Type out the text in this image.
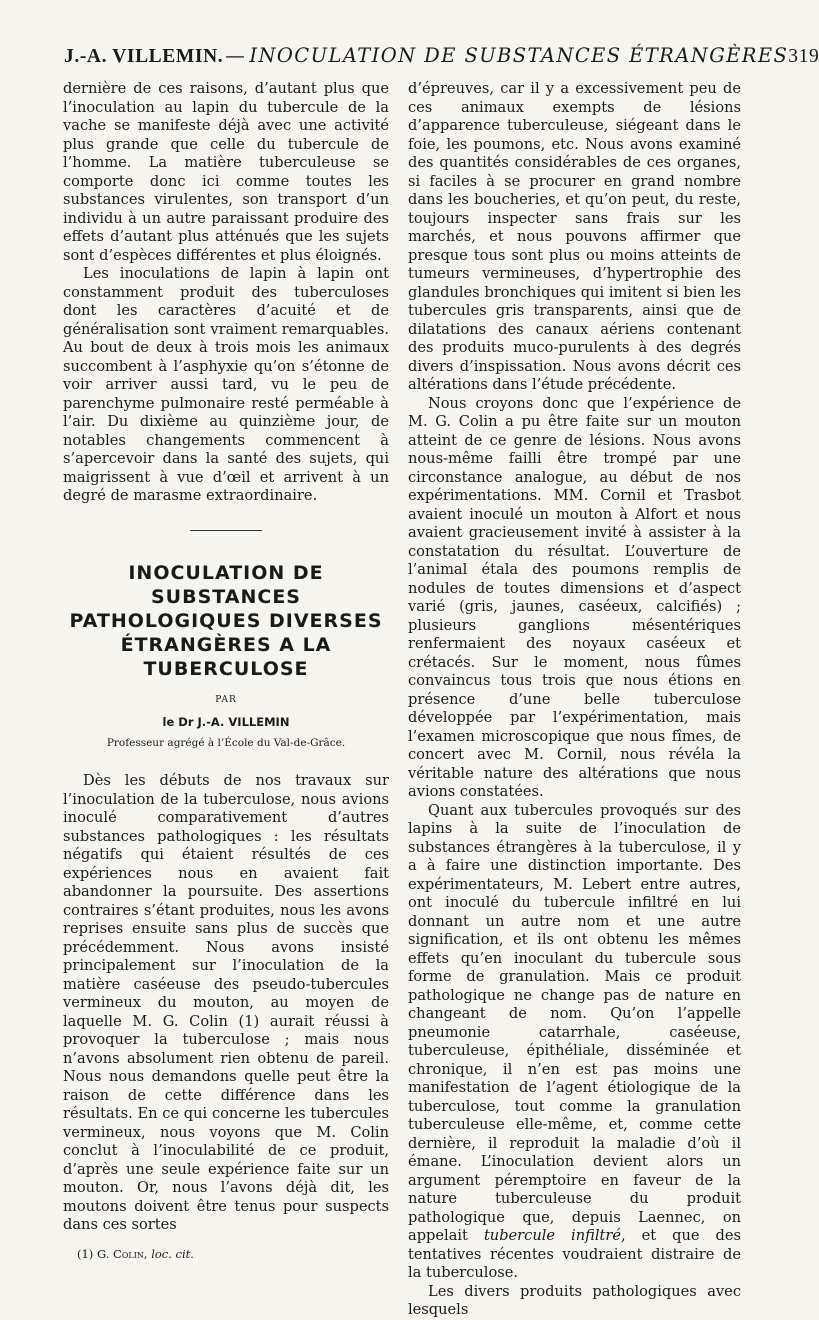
J.-A. VILLEMIN. — INOCULATION DE SUBSTANCES ÉTRANGÈRES 319

dernière de ces raisons, d’autant plus que l’inoculation au lapin du tubercule de la vache se manifeste déjà avec une activité plus grande que celle du tubercule de l’homme. La matière tuberculeuse se comporte donc ici comme toutes les substances virulentes, son transport d’un individu à un autre paraissant produire des effets d’autant plus atténués que les sujets sont d’espèces différentes et plus éloignés.

Les inoculations de lapin à lapin ont constamment produit des tuberculoses dont les caractères d’acuité et de généralisation sont vraiment remarquables. Au bout de deux à trois mois les animaux succombent à l’asphyxie qu’on s’étonne de voir arriver aussi tard, vu le peu de parenchyme pulmonaire resté perméable à l’air. Du dixième au quinzième jour, de notables changements commencent à s’apercevoir dans la santé des sujets, qui maigrissent à vue d’œil et arrivent à un degré de marasme extraordinaire.

INOCULATION DE
SUBSTANCES
PATHOLOGIQUES DIVERSES
ÉTRANGÈRES A LA
TUBERCULOSE
PAR
le Dr J.-A. VILLEMIN
Professeur agrégé à l’École du Val-de-Grâce.

Dès les débuts de nos travaux sur l’inoculation de la tuberculose, nous avions inoculé comparativement d’autres substances pathologiques : les résultats négatifs qui étaient résultés de ces expériences nous en avaient fait abandonner la poursuite. Des assertions contraires s’étant produites, nous les avons reprises ensuite sans plus de succès que précédemment. Nous avons insisté principalement sur l’inoculation de la matière caséeuse des pseudo-tubercules vermineux du mouton, au moyen de laquelle M. G. Colin (1) aurait réussi à provoquer la tuberculose ; mais nous n’avons absolument rien obtenu de pareil. Nous nous demandons quelle peut être la raison de cette différence dans les résultats. En ce qui concerne les tubercules vermineux, nous voyons que M. Colin conclut à l’inoculabilité de ce produit, d’après une seule expérience faite sur un mouton. Or, nous l’avons déjà dit, les moutons doivent être tenus pour suspects dans ces sortes

(1) G. Colin, loc. cit.

d’épreuves, car il y a excessivement peu de ces animaux exempts de lésions d’apparence tuberculeuse, siégeant dans le foie, les poumons, etc. Nous avons examiné des quantités considérables de ces organes, si faciles à se procurer en grand nombre dans les boucheries, et qu’on peut, du reste, toujours inspecter sans frais sur les marchés, et nous pouvons affirmer que presque tous sont plus ou moins atteints de tumeurs vermineuses, d’hypertrophie des glandules bronchiques qui imitent si bien les tubercules gris transparents, ainsi que de dilatations des canaux aériens contenant des produits muco-purulents à des degrés divers d’inspissation. Nous avons décrit ces altérations dans l’étude précédente.

Nous croyons donc que l’expérience de M. G. Colin a pu être faite sur un mouton atteint de ce genre de lésions. Nous avons nous-même failli être trompé par une circonstance analogue, au début de nos expérimentations. MM. Cornil et Trasbot avaient inoculé un mouton à Alfort et nous avaient gracieusement invité à assister à la constatation du résultat. L’ouverture de l’animal étala des poumons remplis de nodules de toutes dimensions et d’aspect varié (gris, jaunes, caséeux, calcifiés) ; plusieurs ganglions mésentériques renfermaient des noyaux caséeux et crétacés. Sur le moment, nous fûmes convaincus tous trois que nous étions en présence d’une belle tuberculose développée par l’expérimentation, mais l’examen microscopique que nous fîmes, de concert avec M. Cornil, nous révéla la véritable nature des altérations que nous avions constatées.

Quant aux tubercules provoqués sur des lapins à la suite de l’inoculation de substances étrangères à la tuberculose, il y a à faire une distinction importante. Des expérimentateurs, M. Lebert entre autres, ont inoculé du tubercule infiltré en lui donnant un autre nom et une autre signification, et ils ont obtenu les mêmes effets qu’en inoculant du tubercule sous forme de granulation. Mais ce produit pathologique ne change pas de nature en changeant de nom. Qu’on l’appelle pneumonie catarrhale, caséeuse, tuberculeuse, épithéliale, disséminée et chronique, il n’en est pas moins une manifestation de l’agent étiologique de la tuberculose, tout comme la granulation tuberculeuse elle-même, et, comme cette dernière, il reproduit la maladie d’où il émane. L’inoculation devient alors un argument péremptoire en faveur de la nature tuberculeuse du produit pathologique que, depuis Laennec, on appelait tubercule infiltré, et que des tentatives récentes voudraient distraire de la tuberculose.

Les divers produits pathologiques avec lesquels
